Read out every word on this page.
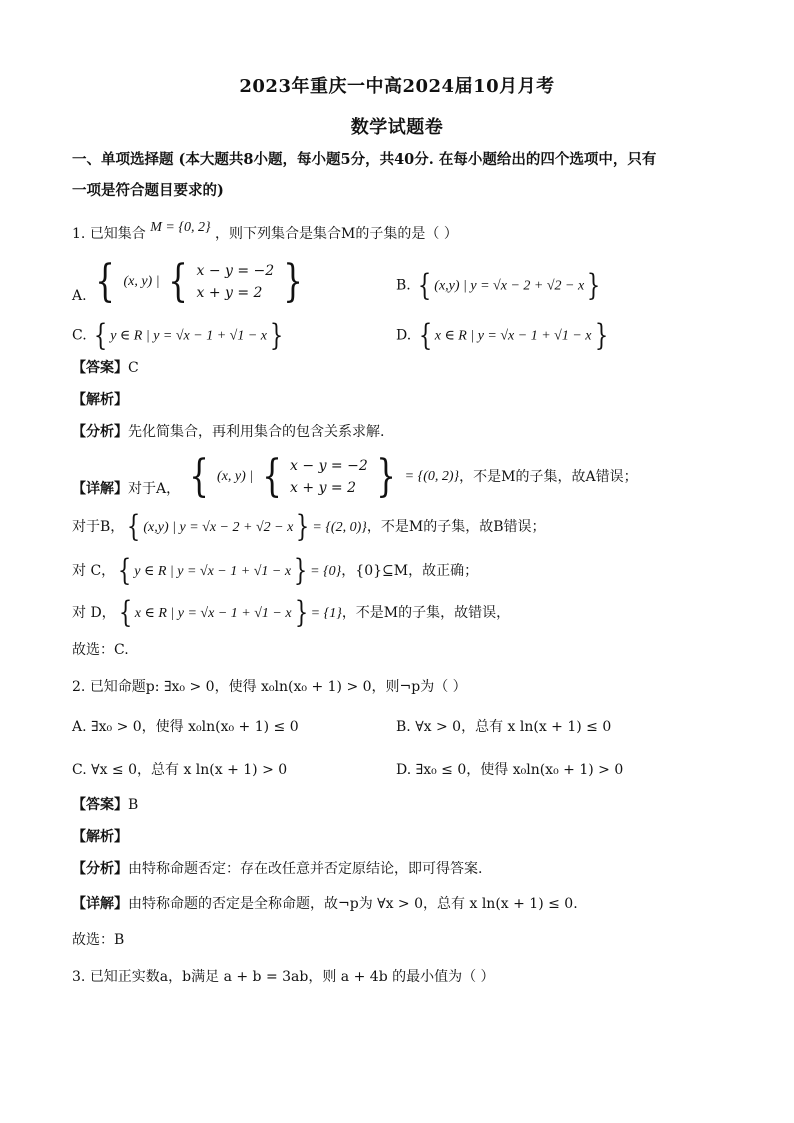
2023年重庆一中高2024届10月月考
数学试题卷
一、单项选择题 (本大题共8小题，每小题5分，共40分. 在每小题给出的四个选项中，只有
一项是符合题目要求的)
1. 已知集合 M = {0, 2} ，则下列集合是集合M的子集的是（ ）
A. { (x, y) | { x − y = −2
x + y = 2 }	B. { (x,y) | y = √x − 2 + √2 − x}
C. { y ∈ R | y = √x − 1 + √1 − x}	D. { x ∈ R | y = √x − 1 + √1 − x}
【答案】C
【解析】
【分析】先化简集合，再利用集合的包含关系求解.
【详解】对于A， { (x, y) | { x − y = −2
x + y = 2 } = {(0, 2)}，不是M的子集，故A错误；
对于B，{ (x,y) | y = √x − 2 + √2 − x} = {(2, 0)}，不是M的子集，故B错误；
对 C，{ y ∈ R | y = √x − 1 + √1 − x} = {0}，{0}⊆M，故正确；
对 D，{ x ∈ R | y = √x − 1 + √1 − x} = {1}，不是M的子集，故错误，
故选：C.
2. 已知命题p: ∃x₀ > 0，使得 x₀ln(x₀ + 1) > 0，则¬p为（ ）
A. ∃x₀ > 0，使得 x₀ln(x₀ + 1) ≤ 0	B. ∀x > 0，总有 x ln(x + 1) ≤ 0
C. ∀x ≤ 0，总有 x ln(x + 1) > 0	D. ∃x₀ ≤ 0，使得 x₀ln(x₀ + 1) > 0
【答案】B
【解析】
【分析】由特称命题否定：存在改任意并否定原结论，即可得答案.
【详解】由特称命题的否定是全称命题，故¬p为 ∀x > 0，总有 x ln(x + 1) ≤ 0.
故选：B
3. 已知正实数a，b满足 a + b = 3ab，则 a + 4b 的最小值为（ ）
